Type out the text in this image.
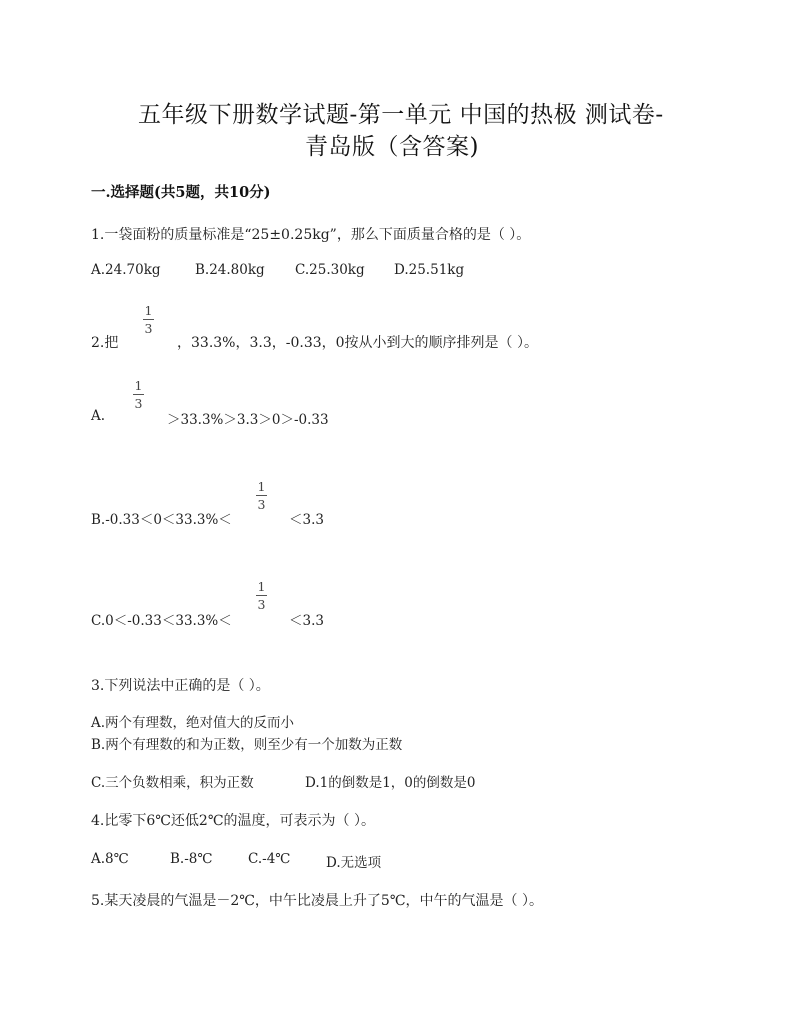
五年级下册数学试题-第一单元 中国的热极 测试卷-
青岛版（含答案)
一.选择题(共5题，共10分)
1.一袋面粉的质量标准是“25±0.25kg”，那么下面质量合格的是（ ）。
A.24.70kg	B.24.80kg C.25.30kg D.25.51kg
2.把
1
3
，33.3%，3.3，-0.33，0按从小到大的顺序排列是（ ）。
A.
1
3
＞33.3%＞3.3＞0＞-0.33
B.-0.33＜0＜33.3%＜
1
3
＜3.3
C.0＜-0.33＜33.3%＜
1
3
＜3.3
3.下列说法中正确的是（ ）。
A.两个有理数，绝对值大的反而小
B.两个有理数的和为正数，则至少有一个加数为正数
C.三个负数相乘，积为正数	D.1的倒数是1，0的倒数是0
4.比零下6℃还低2℃的温度，可表示为（ ）。
A.8℃	B.-8℃	C.-4℃	D.无选项
5.某天凌晨的气温是－2℃，中午比凌晨上升了5℃，中午的气温是（ ）。
